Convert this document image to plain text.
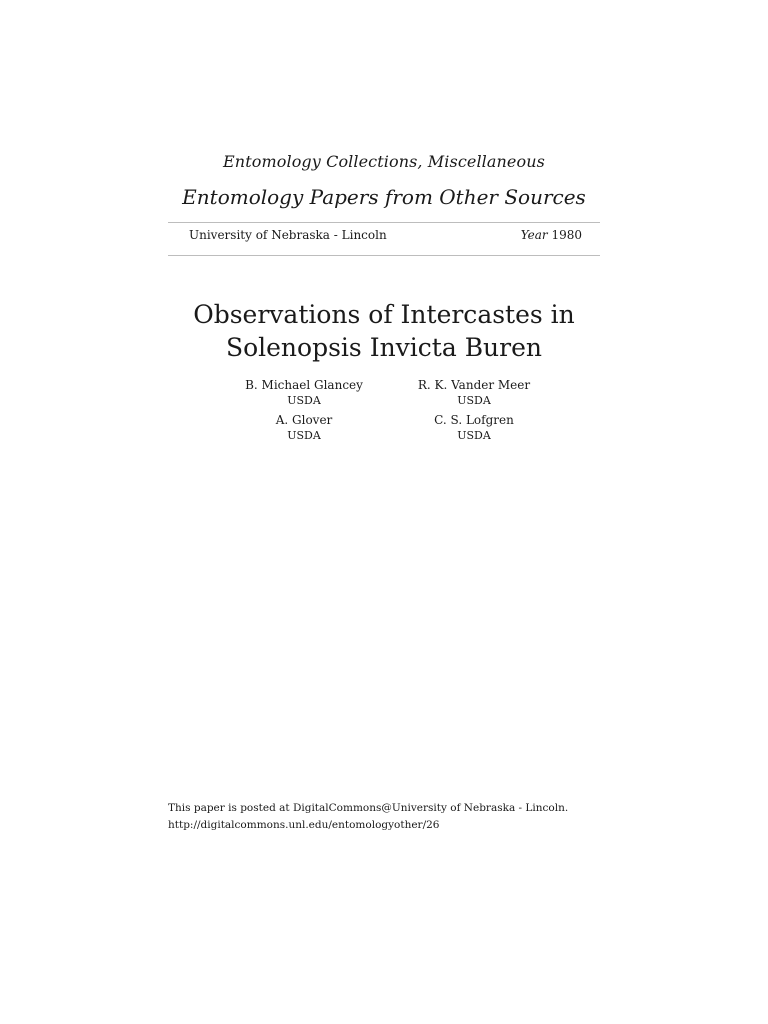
Entomology Collections, Miscellaneous
Entomology Papers from Other Sources
University of Nebraska - Lincoln	Year 1980
Observations of Intercastes in Solenopsis Invicta Buren
B. Michael Glancey
USDA
R. K. Vander Meer
USDA
A. Glover
USDA
C. S. Lofgren
USDA
This paper is posted at DigitalCommons@University of Nebraska - Lincoln.
http://digitalcommons.unl.edu/entomologyother/26
